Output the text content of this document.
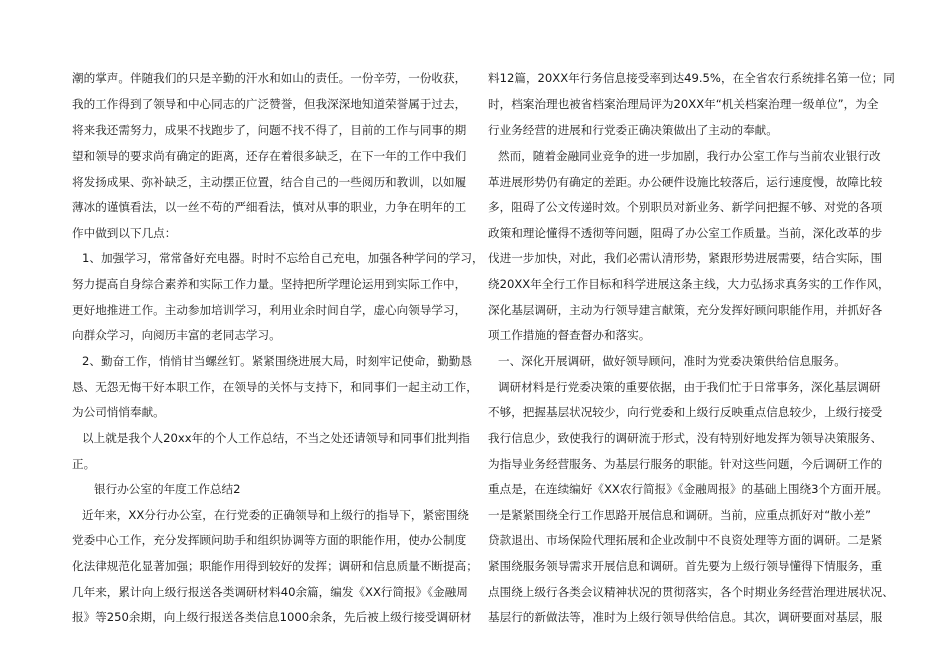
潮的掌声。伴随我们的只是辛勤的汗水和如山的责任。一份辛劳，一份收获，
我的工作得到了领导和中心同志的广泛赞誉，但我深深地知道荣誉属于过去，
将来我还需努力，成果不找跑步了，问题不找不得了，目前的工作与同事的期
望和领导的要求尚有确定的距离，还存在着很多缺乏，在下一年的工作中我们
将发扬成果、弥补缺乏，主动摆正位置，结合自己的一些阅历和教训，以如履
薄冰的谨慎看法，以一丝不苟的严细看法，慎对从事的职业，力争在明年的工
作中做到以下几点：
1、加强学习，常常备好充电器。时时不忘给自己充电，加强各种学问的学习，
努力提高自身综合素养和实际工作力量。坚持把所学理论运用到实际工作中，
更好地推进工作。主动参加培训学习，利用业余时间自学，虚心向领导学习，
向群众学习，向阅历丰富的老同志学习。
2、勤奋工作，悄悄甘当螺丝钉。紧紧围绕进展大局，时刻牢记使命，勤勤恳
恳、无怨无悔干好本职工作，在领导的关怀与支持下，和同事们一起主动工作，
为公司悄悄奉献。
以上就是我个人20xx年的个人工作总结，不当之处还请领导和同事们批判指
正。
银行办公室的年度工作总结2
近年来，XX分行办公室，在行党委的正确领导和上级行的指导下，紧密围绕
党委中心工作，充分发挥顾问助手和组织协调等方面的职能作用，使办公制度
化法律规范化显著加强；职能作用得到较好的发挥；调研和信息质量不断提高；
几年来，累计向上级行报送各类调研材料40余篇，编发《XX行简报》《金融周
报》等250余期，向上级行报送各类信息1000余条，先后被上级行接受调研材
料12篇，20XX年行务信息接受率到达49.5%，在全省农行系统排名第一位；同
时，档案治理也被省档案治理局评为20XX年“机关档案治理一级单位”，为全
行业务经营的进展和行党委正确决策做出了主动的奉献。
然而，随着金融同业竞争的进一步加剧，我行办公室工作与当前农业银行改
革进展形势仍有确定的差距。办公硬件设施比较落后，运行速度慢，故障比较
多，阻碍了公文传递时效。个别职员对新业务、新学问把握不够、对党的各项
政策和理论懂得不透彻等问题，阻碍了办公室工作质量。当前，深化改革的步
伐进一步加快，对此，我们必需认清形势，紧跟形势进展需要，结合实际，围
绕20XX年全行工作目标和科学进展这条主线，大力弘扬求真务实的工作作风，
深化基层调研，主动为行领导建言献策，充分发挥好顾问职能作用，并抓好各
项工作措施的督查督办和落实。
一、深化开展调研，做好领导顾问，准时为党委决策供给信息服务。
调研材料是行党委决策的重要依据，由于我们忙于日常事务，深化基层调研
不够，把握基层状况较少，向行党委和上级行反映重点信息较少，上级行接受
我行信息少，致使我行的调研流于形式，没有特别好地发挥为领导决策服务、
为指导业务经营服务、为基层行服务的职能。针对这些问题，今后调研工作的
重点是，在连续编好《XX农行简报》《金融周报》的基础上围绕3个方面开展。
一是紧紧围绕全行工作思路开展信息和调研。当前，应重点抓好对“散小差”
贷款退出、市场保险代理拓展和企业改制中不良资处理等方面的调研。二是紧
紧围绕服务领导需求开展信息和调研。首先要为上级行领导懂得下情服务，重
点围绕上级行各类会议精神状况的贯彻落实，各个时期业务经营治理进展状况、
基层行的新做法等，准时为上级行领导供给信息。其次，调研要面对基层，服
